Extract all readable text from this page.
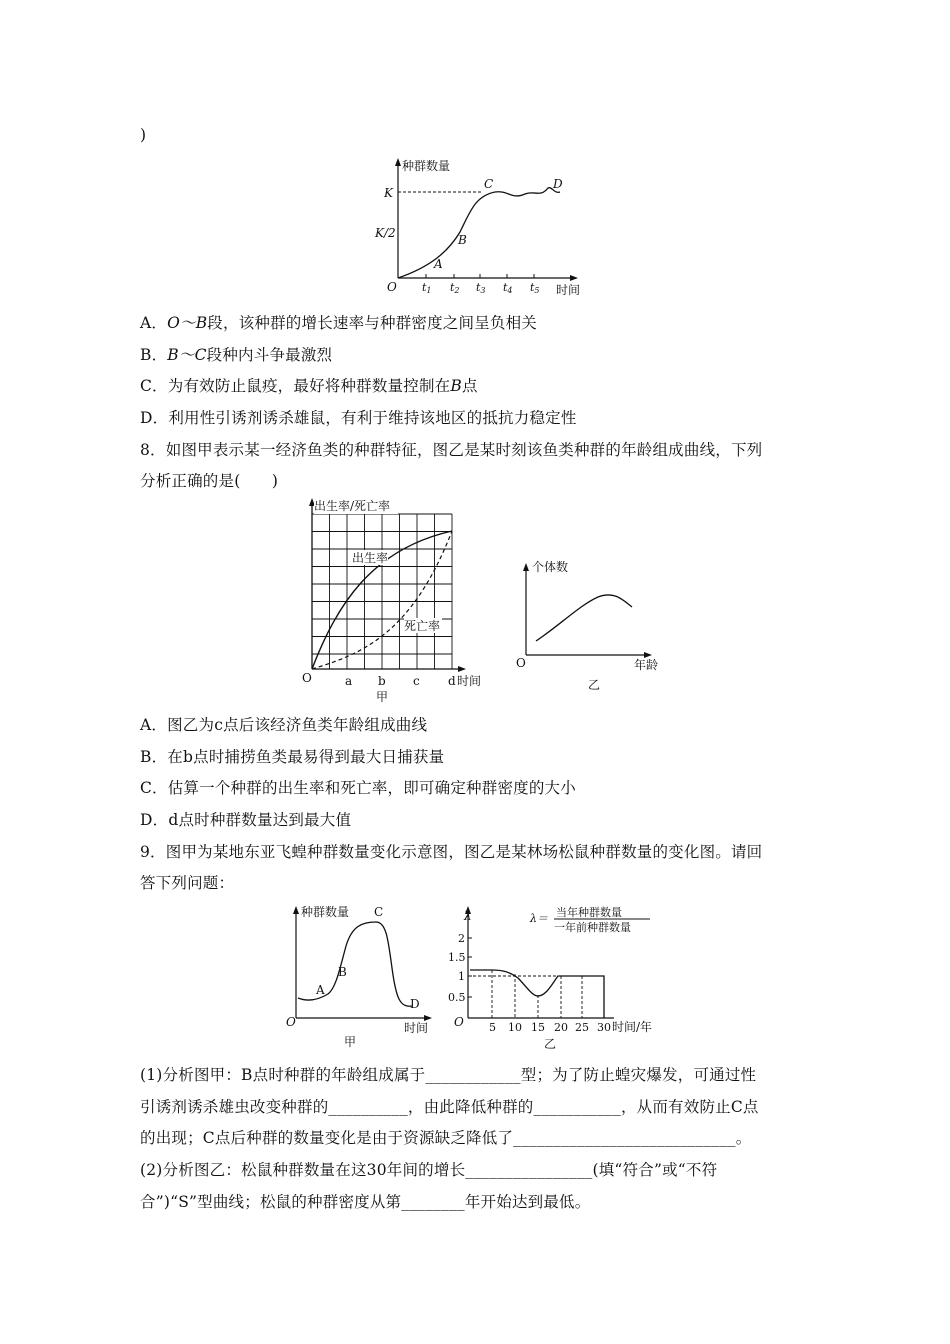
)
种群数量
K
K/2
A
B
C	D
O t1 t2 t3 t4 t5 时间
A．O～B段，该种群的增长速率与种群密度之间呈负相关
B．B～C段种内斗争最激烈
C．为有效防止鼠疫，最好将种群数量控制在B点
D．利用性引诱剂诱杀雄鼠，有利于维持该地区的抵抗力稳定性
8．如图甲表示某一经济鱼类的种群特征，图乙是某时刻该鱼类种群的年龄组成曲线，下列
分析正确的是(　　)
出生率/死亡率
出生率
死亡率
O	a b c d 时间
甲
个体数
O	年龄
乙
A．图乙为c点后该经济鱼类年龄组成曲线
B．在b点时捕捞鱼类最易得到最大日捕获量
C．估算一个种群的出生率和死亡率，即可确定种群密度的大小
D．d点时种群数量达到最大值
9．图甲为某地东亚飞蝗种群数量变化示意图，图乙是某林场松鼠种群数量的变化图。请回
答下列问题：
种群数量
A
B
C
D
O	时间
甲
λ	λ＝ 当年种群数量
一年前种群数量
2
1.5
1
0.5
O 5 10 15 20 25 30 时间/年
乙
(1)分析图甲：B点时种群的年龄组成属于____________型；为了防止蝗灾爆发，可通过性
引诱剂诱杀雄虫改变种群的__________，由此降低种群的___________，从而有效防止C点
的出现；C点后种群的数量变化是由于资源缺乏降低了____________________________。
(2)分析图乙：松鼠种群数量在这30年间的增长________________(填“符合”或“不符
合”)“S”型曲线；松鼠的种群密度从第________年开始达到最低。
